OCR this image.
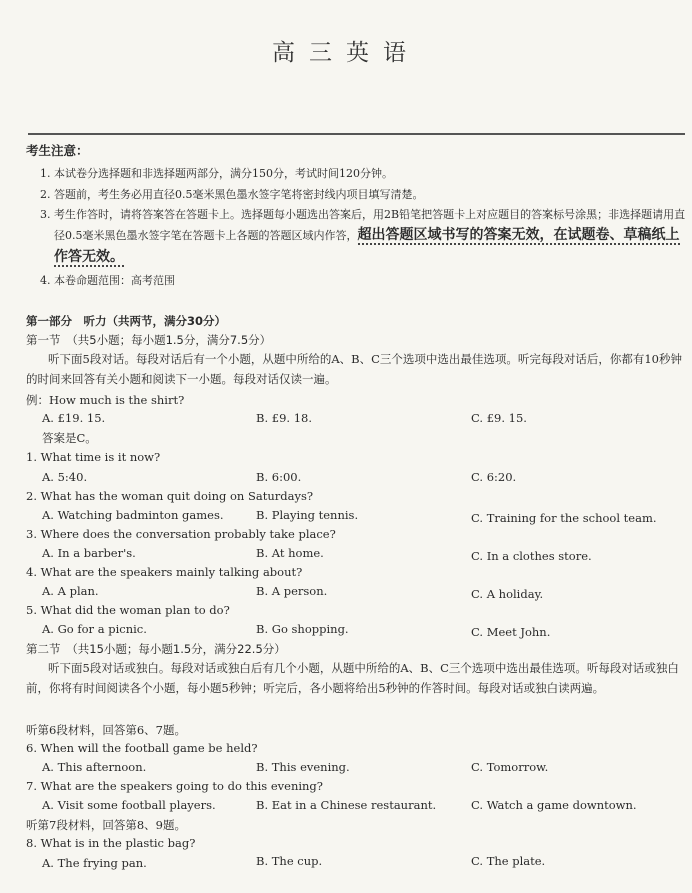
高三英语
考生注意：
1. 本试卷分选择题和非选择题两部分，满分150分，考试时间120分钟。
2. 答题前，考生务必用直径0.5毫米黑色墨水签字笔将密封线内项目填写清楚。
3. 考生作答时，请将答案答在答题卡上。选择题每小题选出答案后，用2B铅笔把答题卡上对应题目的答案标号涂黑；非选择题请用直径0.5毫米黑色墨水签字笔在答题卡上各题的答题区域内作答，超出答题区域书写的答案无效，在试题卷、草稿纸上作答无效。
4. 本卷命题范围：高考范围
第一部分　听力（共两节，满分30分）
第一节　（共5小题；每小题1.5分，满分7.5分）
听下面5段对话。每段对话后有一个小题，从题中所给的A、B、C三个选项中选出最佳选项。听完每段对话后，你都有10秒钟的时间来回答有关小题和阅读下一小题。每段对话仅读一遍。
例：How much is the shirt?
A. £19. 15.	B. £9. 18.	C. £9. 15.
答案是C。
1. What time is it now?
A. 5:40.	B. 6:00.	C. 6:20.
2. What has the woman quit doing on Saturdays?
A. Watching badminton games.	B. Playing tennis.	C. Training for the school team.
3. Where does the conversation probably take place?
A. In a barber's.	B. At home.	C. In a clothes store.
4. What are the speakers mainly talking about?
A. A plan.	B. A person.	C. A holiday.
5. What did the woman plan to do?
A. Go for a picnic.	B. Go shopping.	C. Meet John.
第二节　（共15小题；每小题1.5分，满分22.5分）
听下面5段对话或独白。每段对话或独白后有几个小题，从题中所给的A、B、C三个选项中选出最佳选项。听每段对话或独白前，你将有时间阅读各个小题，每小题5秒钟；听完后，各小题将给出5秒钟的作答时间。每段对话或独白读两遍。
听第6段材料，回答第6、7题。
6. When will the football game be held?
A. This afternoon.	B. This evening.	C. Tomorrow.
7. What are the speakers going to do this evening?
A. Visit some football players.	B. Eat in a Chinese restaurant.	C. Watch a game downtown.
听第7段材料，回答第8、9题。
8. What is in the plastic bag?
A. The frying pan.	B. The cup.	C. The plate.
